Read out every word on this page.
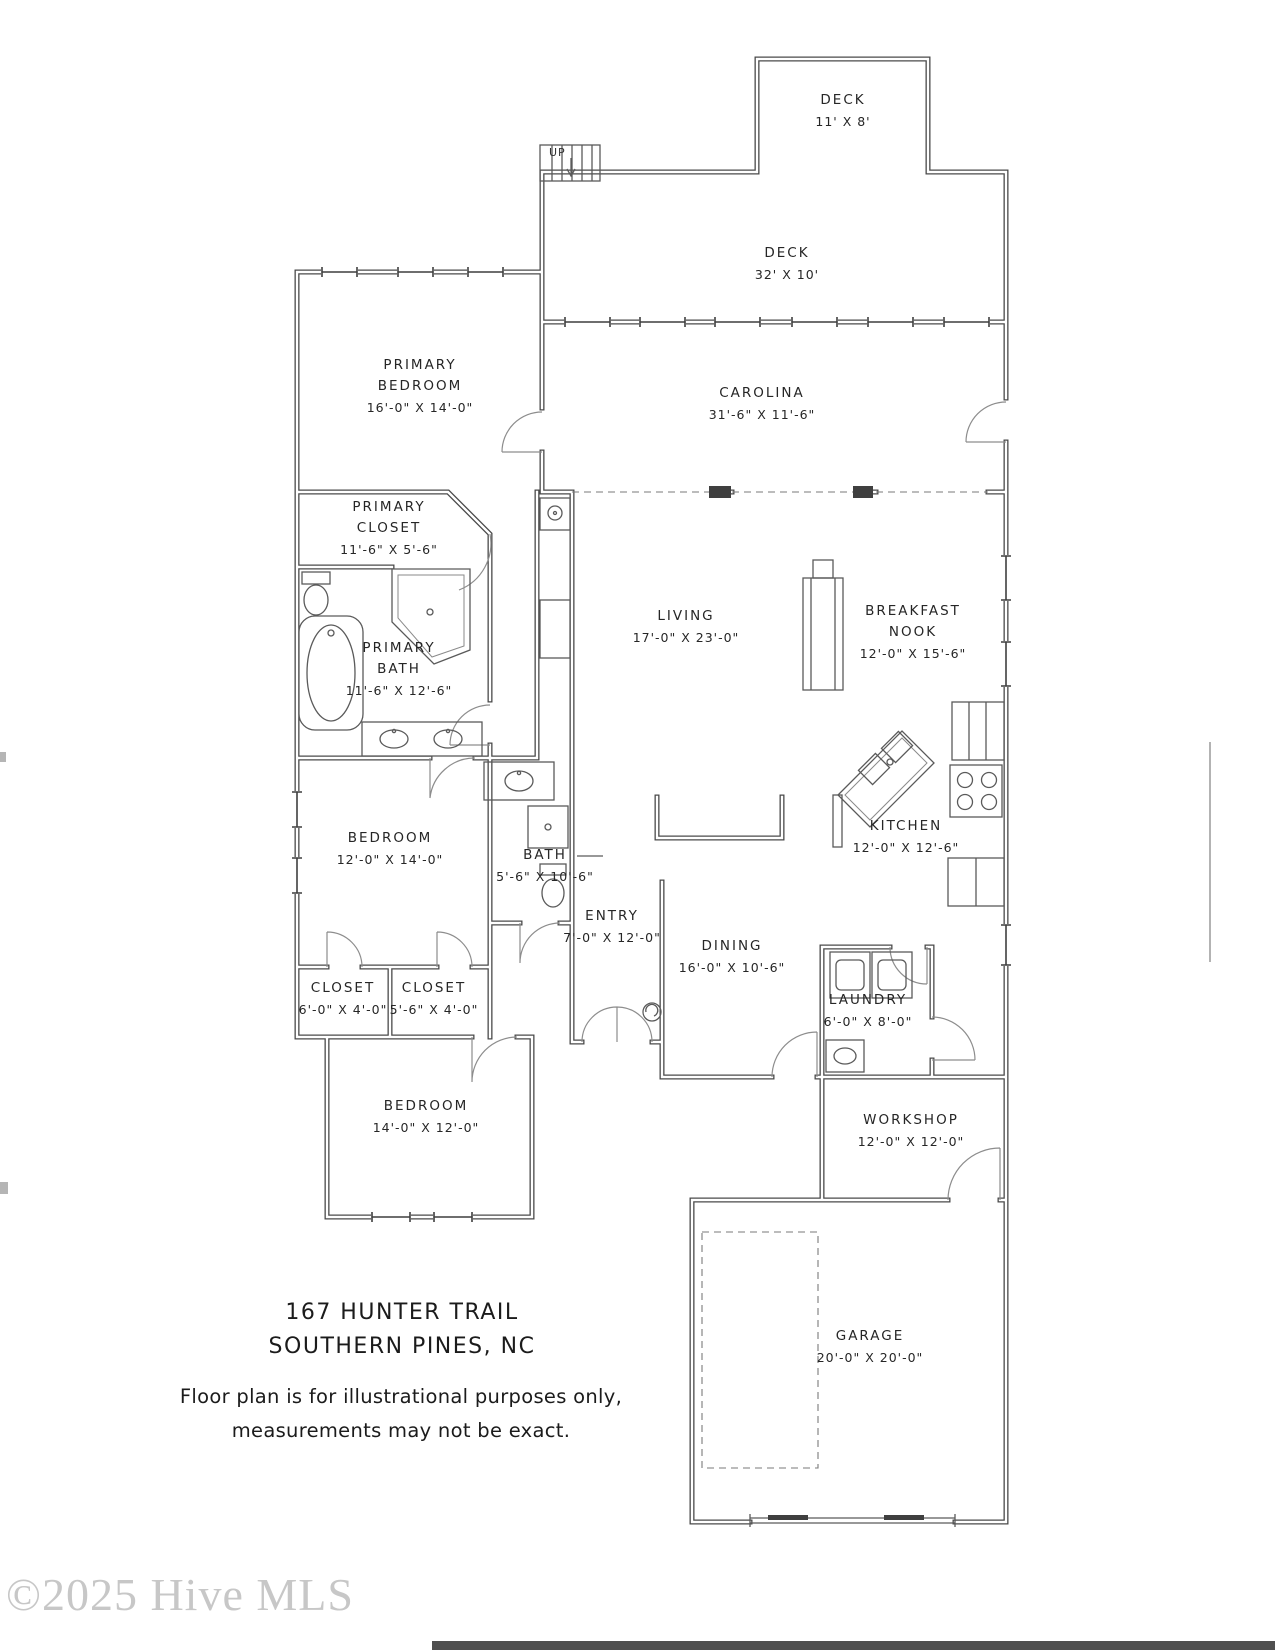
DECK
11' X 8'
DECK
32' X 10'
PRIMARY
BEDROOM
16'-0" X 14'-0"
CAROLINA
31'-6" X 11'-6"
PRIMARY
CLOSET
11'-6" X 5'-6"
LIVING
17'-0" X 23'-0"
BREAKFAST
NOOK
12'-0" X 15'-6"
PRIMARY
BATH
11'-6" X 12'-6"
BEDROOM
12'-0" X 14'-0"	BATH
5'-6" X 10'-6"
KITCHEN
12'-0" X 12'-6"
ENTRY
7'-0" X 12'-0"
DINING
16'-0" X 10'-6"
LAUNDRY
6'-0" X 8'-0"
CLOSET
6'-0" X 4'-0"
CLOSET
5'-6" X 4'-0"
BEDROOM
14'-0" X 12'-0"	WORKSHOP
12'-0" X 12'-0"
GARAGE
20'-0" X 20'-0"
UP
167 HUNTER TRAIL
SOUTHERN PINES, NC
Floor plan is for illustrational purposes only,
measurements may not be exact.
©2025 Hive MLS
